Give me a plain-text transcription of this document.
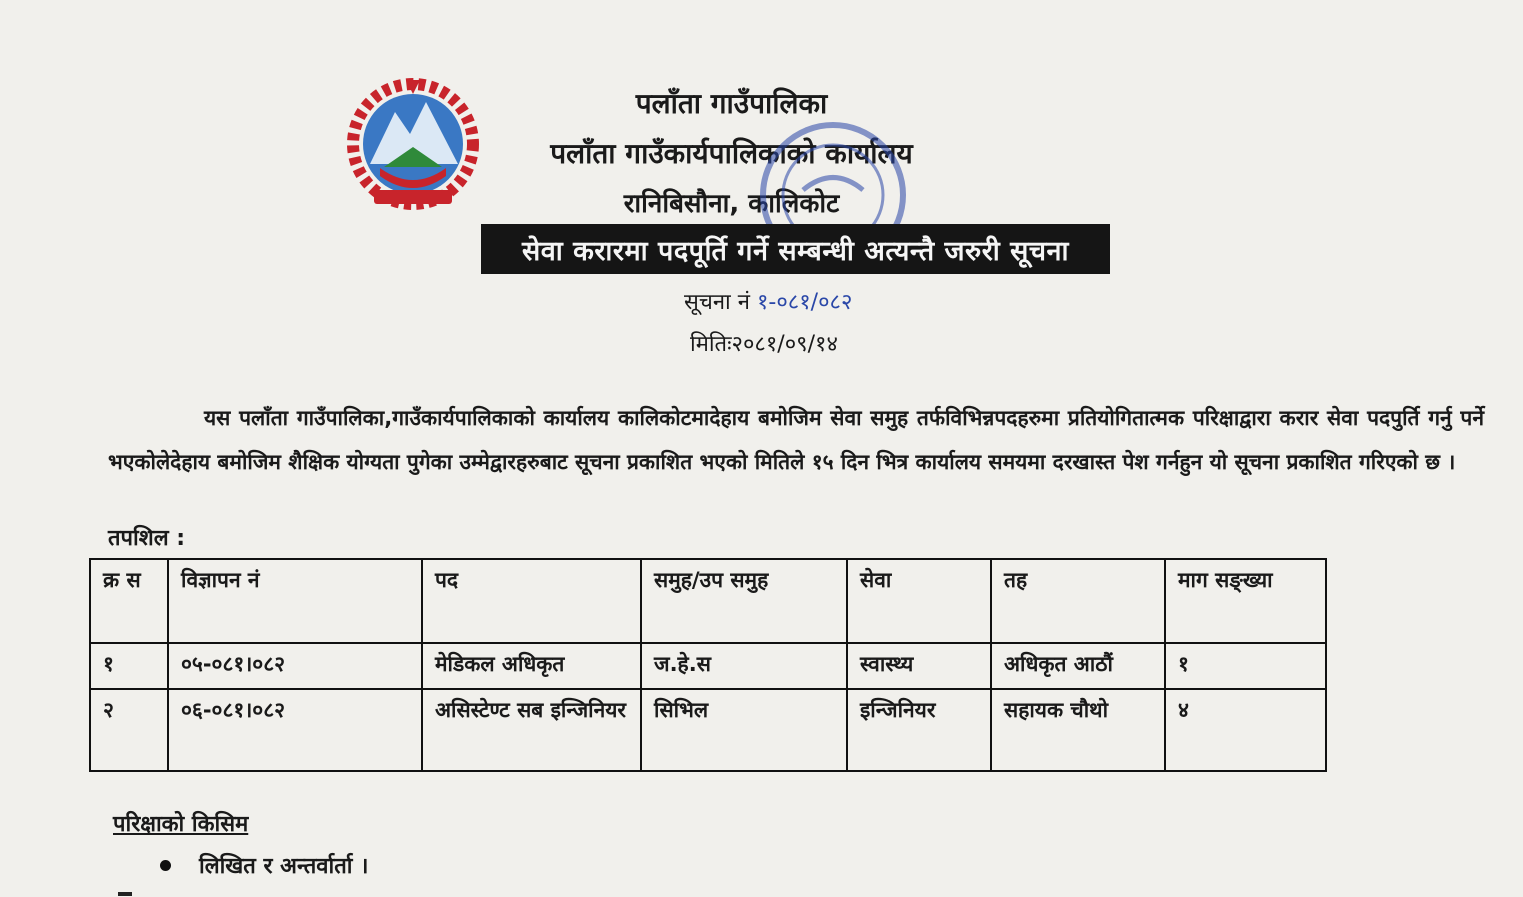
पलाँता गाउँपालिका
पलाँता गाउँकार्यपालिकाको कार्यालय
रानिबिसौना, कालिकोट
सेवा करारमा पदपूर्ति गर्ने सम्बन्धी अत्यन्तै जरुरी सूचना
सूचना नं १-०८१/०८२
मितिः२०८१/०९/१४
यस पलाँता गाउँपालिका,गाउँकार्यपालिकाको कार्यालय कालिकोटमादेहाय बमोजिम सेवा समुह तर्फविभिन्नपदहरुमा प्रतियोगितात्मक परिक्षाद्वारा करार सेवा पदपुर्ति गर्नु पर्ने भएकोलेदेहाय बमोजिम शैक्षिक योग्यता पुगेका उम्मेद्वारहरुबाट सूचना प्रकाशित भएको मितिले १५ दिन भित्र कार्यालय समयमा दरखास्त पेश गर्नहुन यो सूचना प्रकाशित गरिएको छ ।
तपशिल :
क्र स	विज्ञापन नं	पद	समुह/उप समुह	सेवा	तह	माग सङ्ख्या
१	०५-०८१।०८२	मेडिकल अधिकृत	ज.हे.स	स्वास्थ्य	अधिकृत आठौं	१
२	०६-०८१।०८२	असिस्टेण्ट सब इन्जिनियर	सिभिल	इन्जिनियर	सहायक चौथो	४
परिक्षाको किसिम
लिखित र अन्तर्वार्ता ।
